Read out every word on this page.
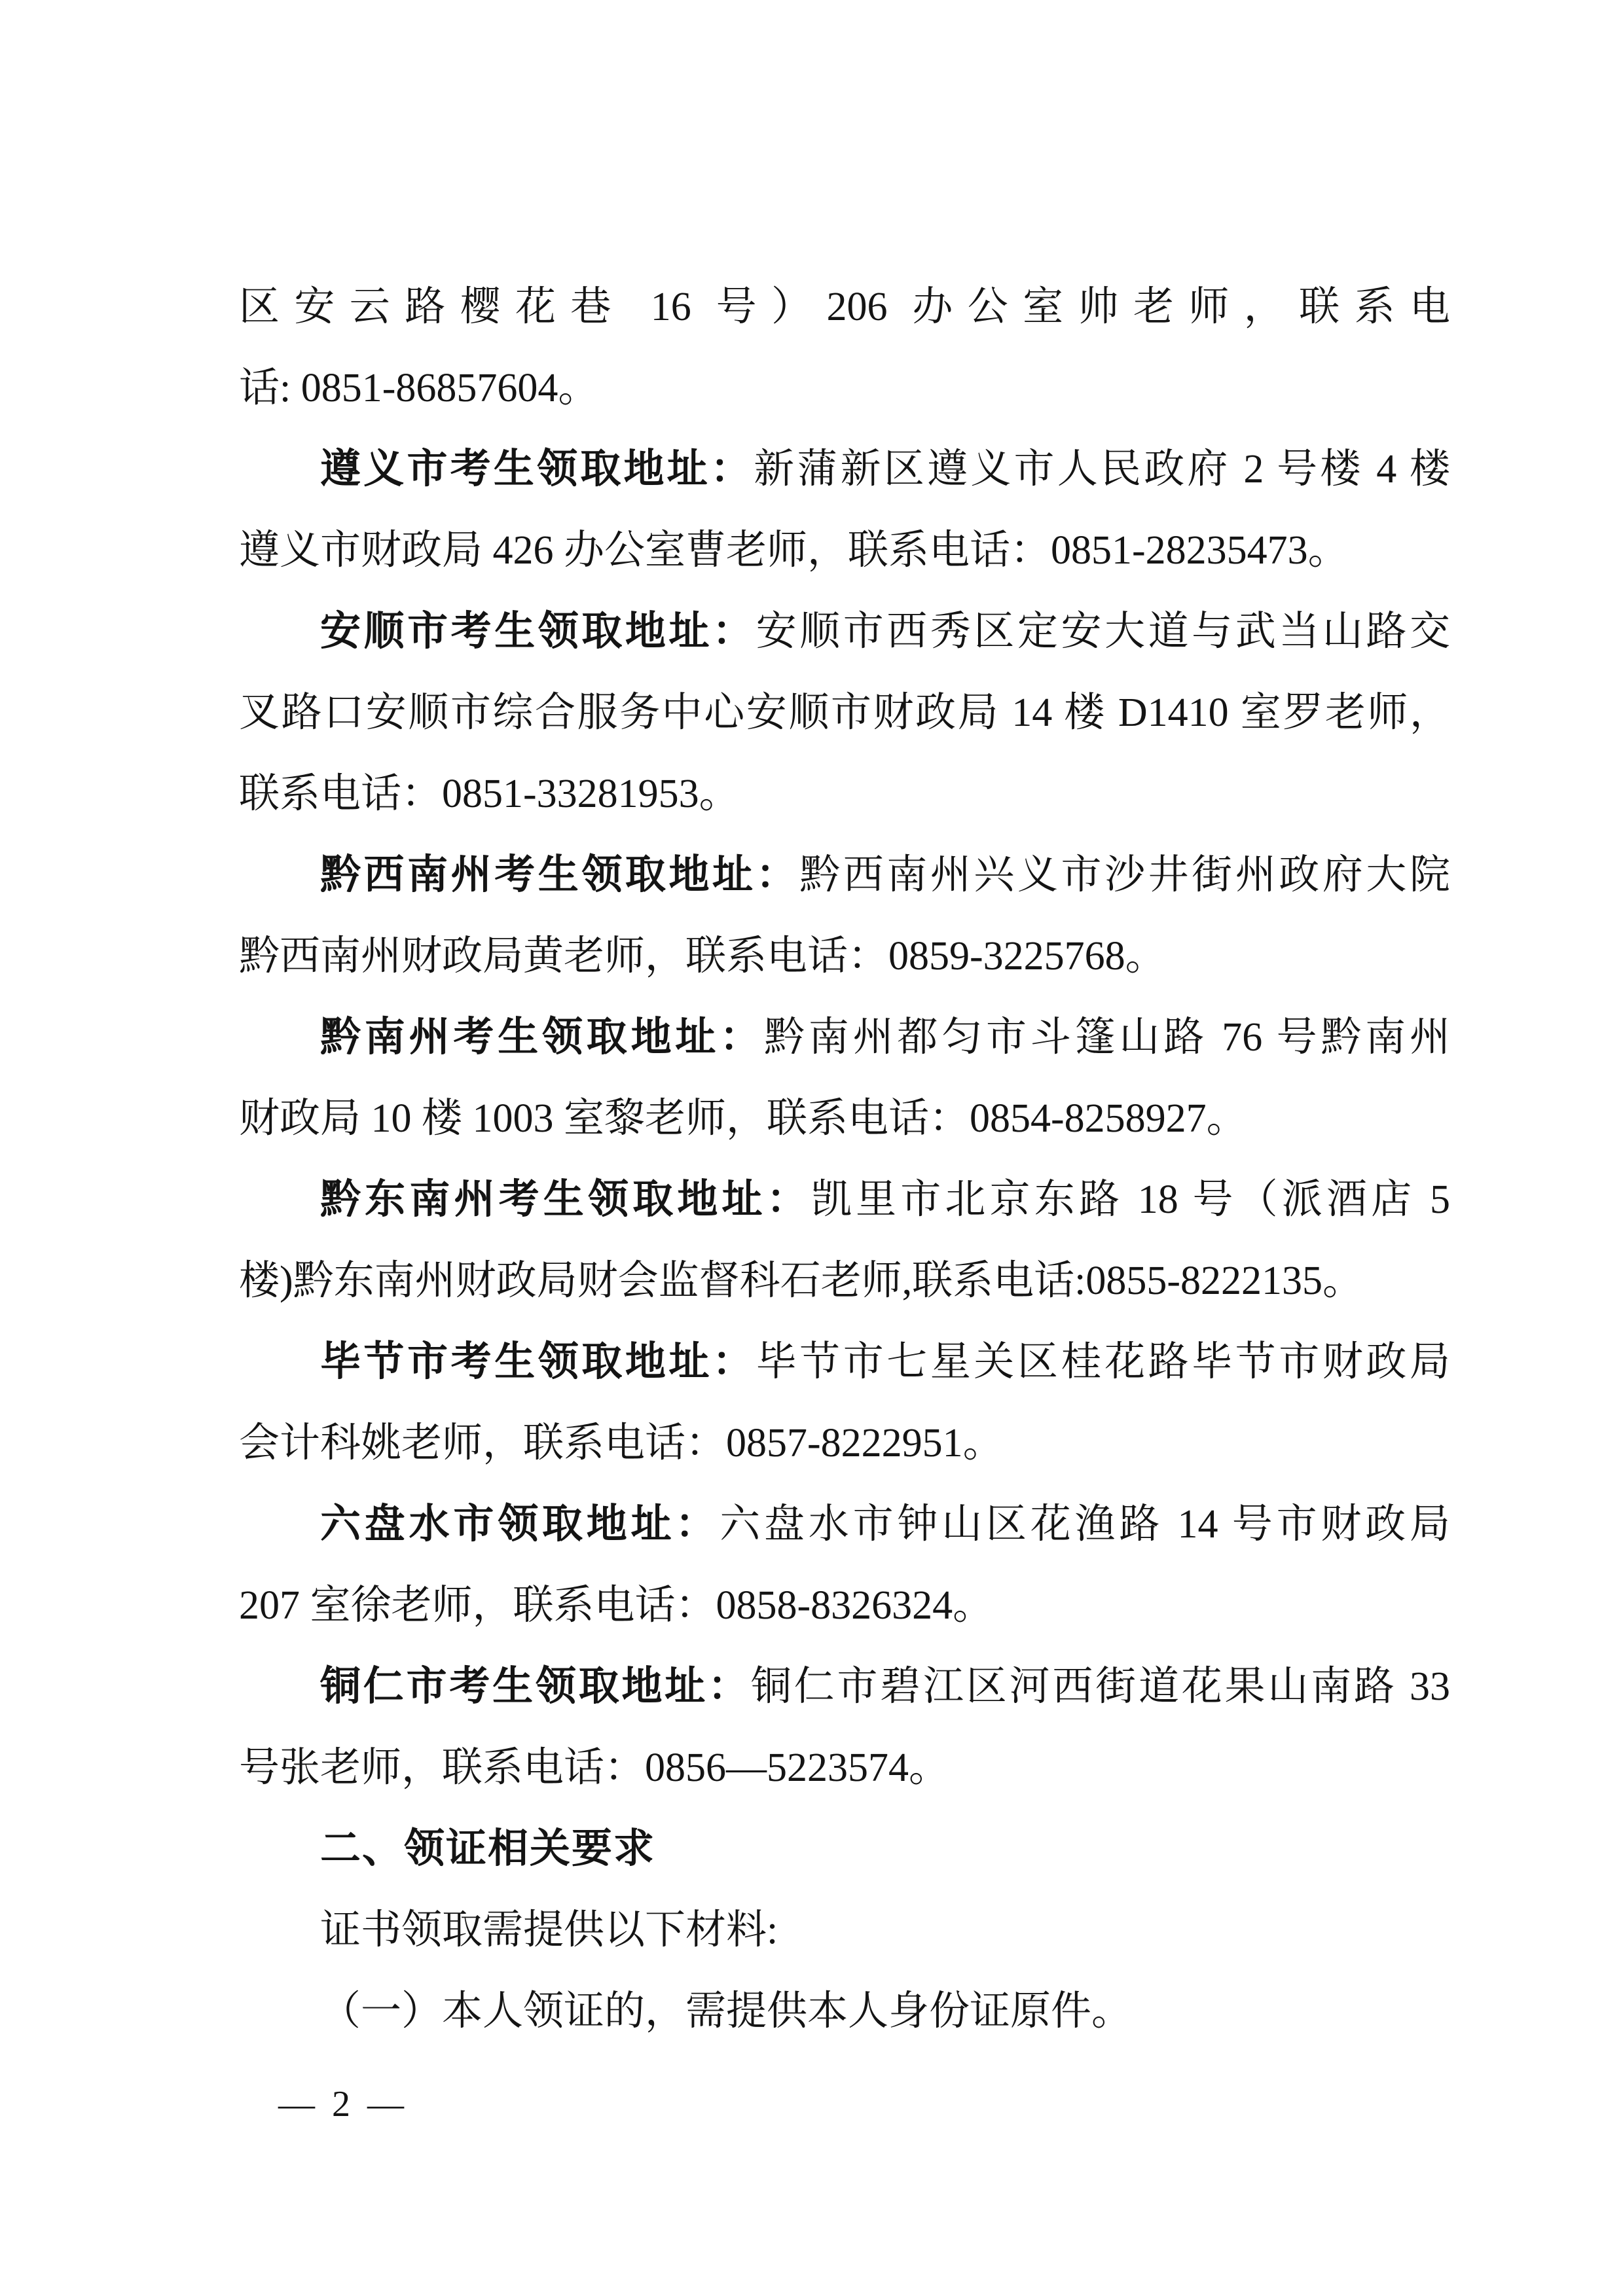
区安云路樱花巷 16 号）206 办公室帅老师，联系电
话: 0851-86857604。
遵义市考生领取地址：新蒲新区遵义市人民政府 2 号楼 4 楼
遵义市财政局 426 办公室曹老师，联系电话：0851-28235473。
安顺市考生领取地址：安顺市西秀区定安大道与武当山路交
叉路口安顺市综合服务中心安顺市财政局 14 楼 D1410 室罗老师，
联系电话：0851-33281953。
黔西南州考生领取地址：黔西南州兴义市沙井街州政府大院
黔西南州财政局黄老师，联系电话：0859-3225768。
黔南州考生领取地址：黔南州都匀市斗篷山路 76 号黔南州
财政局 10 楼 1003 室黎老师，联系电话：0854-8258927。
黔东南州考生领取地址：凯里市北京东路 18 号（派酒店 5
楼)黔东南州财政局财会监督科石老师,联系电话:0855-8222135。
毕节市考生领取地址：毕节市七星关区桂花路毕节市财政局
会计科姚老师，联系电话：0857-8222951。
六盘水市领取地址：六盘水市钟山区花渔路 14 号市财政局
207 室徐老师，联系电话：0858-8326324。
铜仁市考生领取地址：铜仁市碧江区河西街道花果山南路 33
号张老师，联系电话：0856—5223574。
二、领证相关要求
证书领取需提供以下材料:
（一）本人领证的，需提供本人身份证原件。
— 2 —
